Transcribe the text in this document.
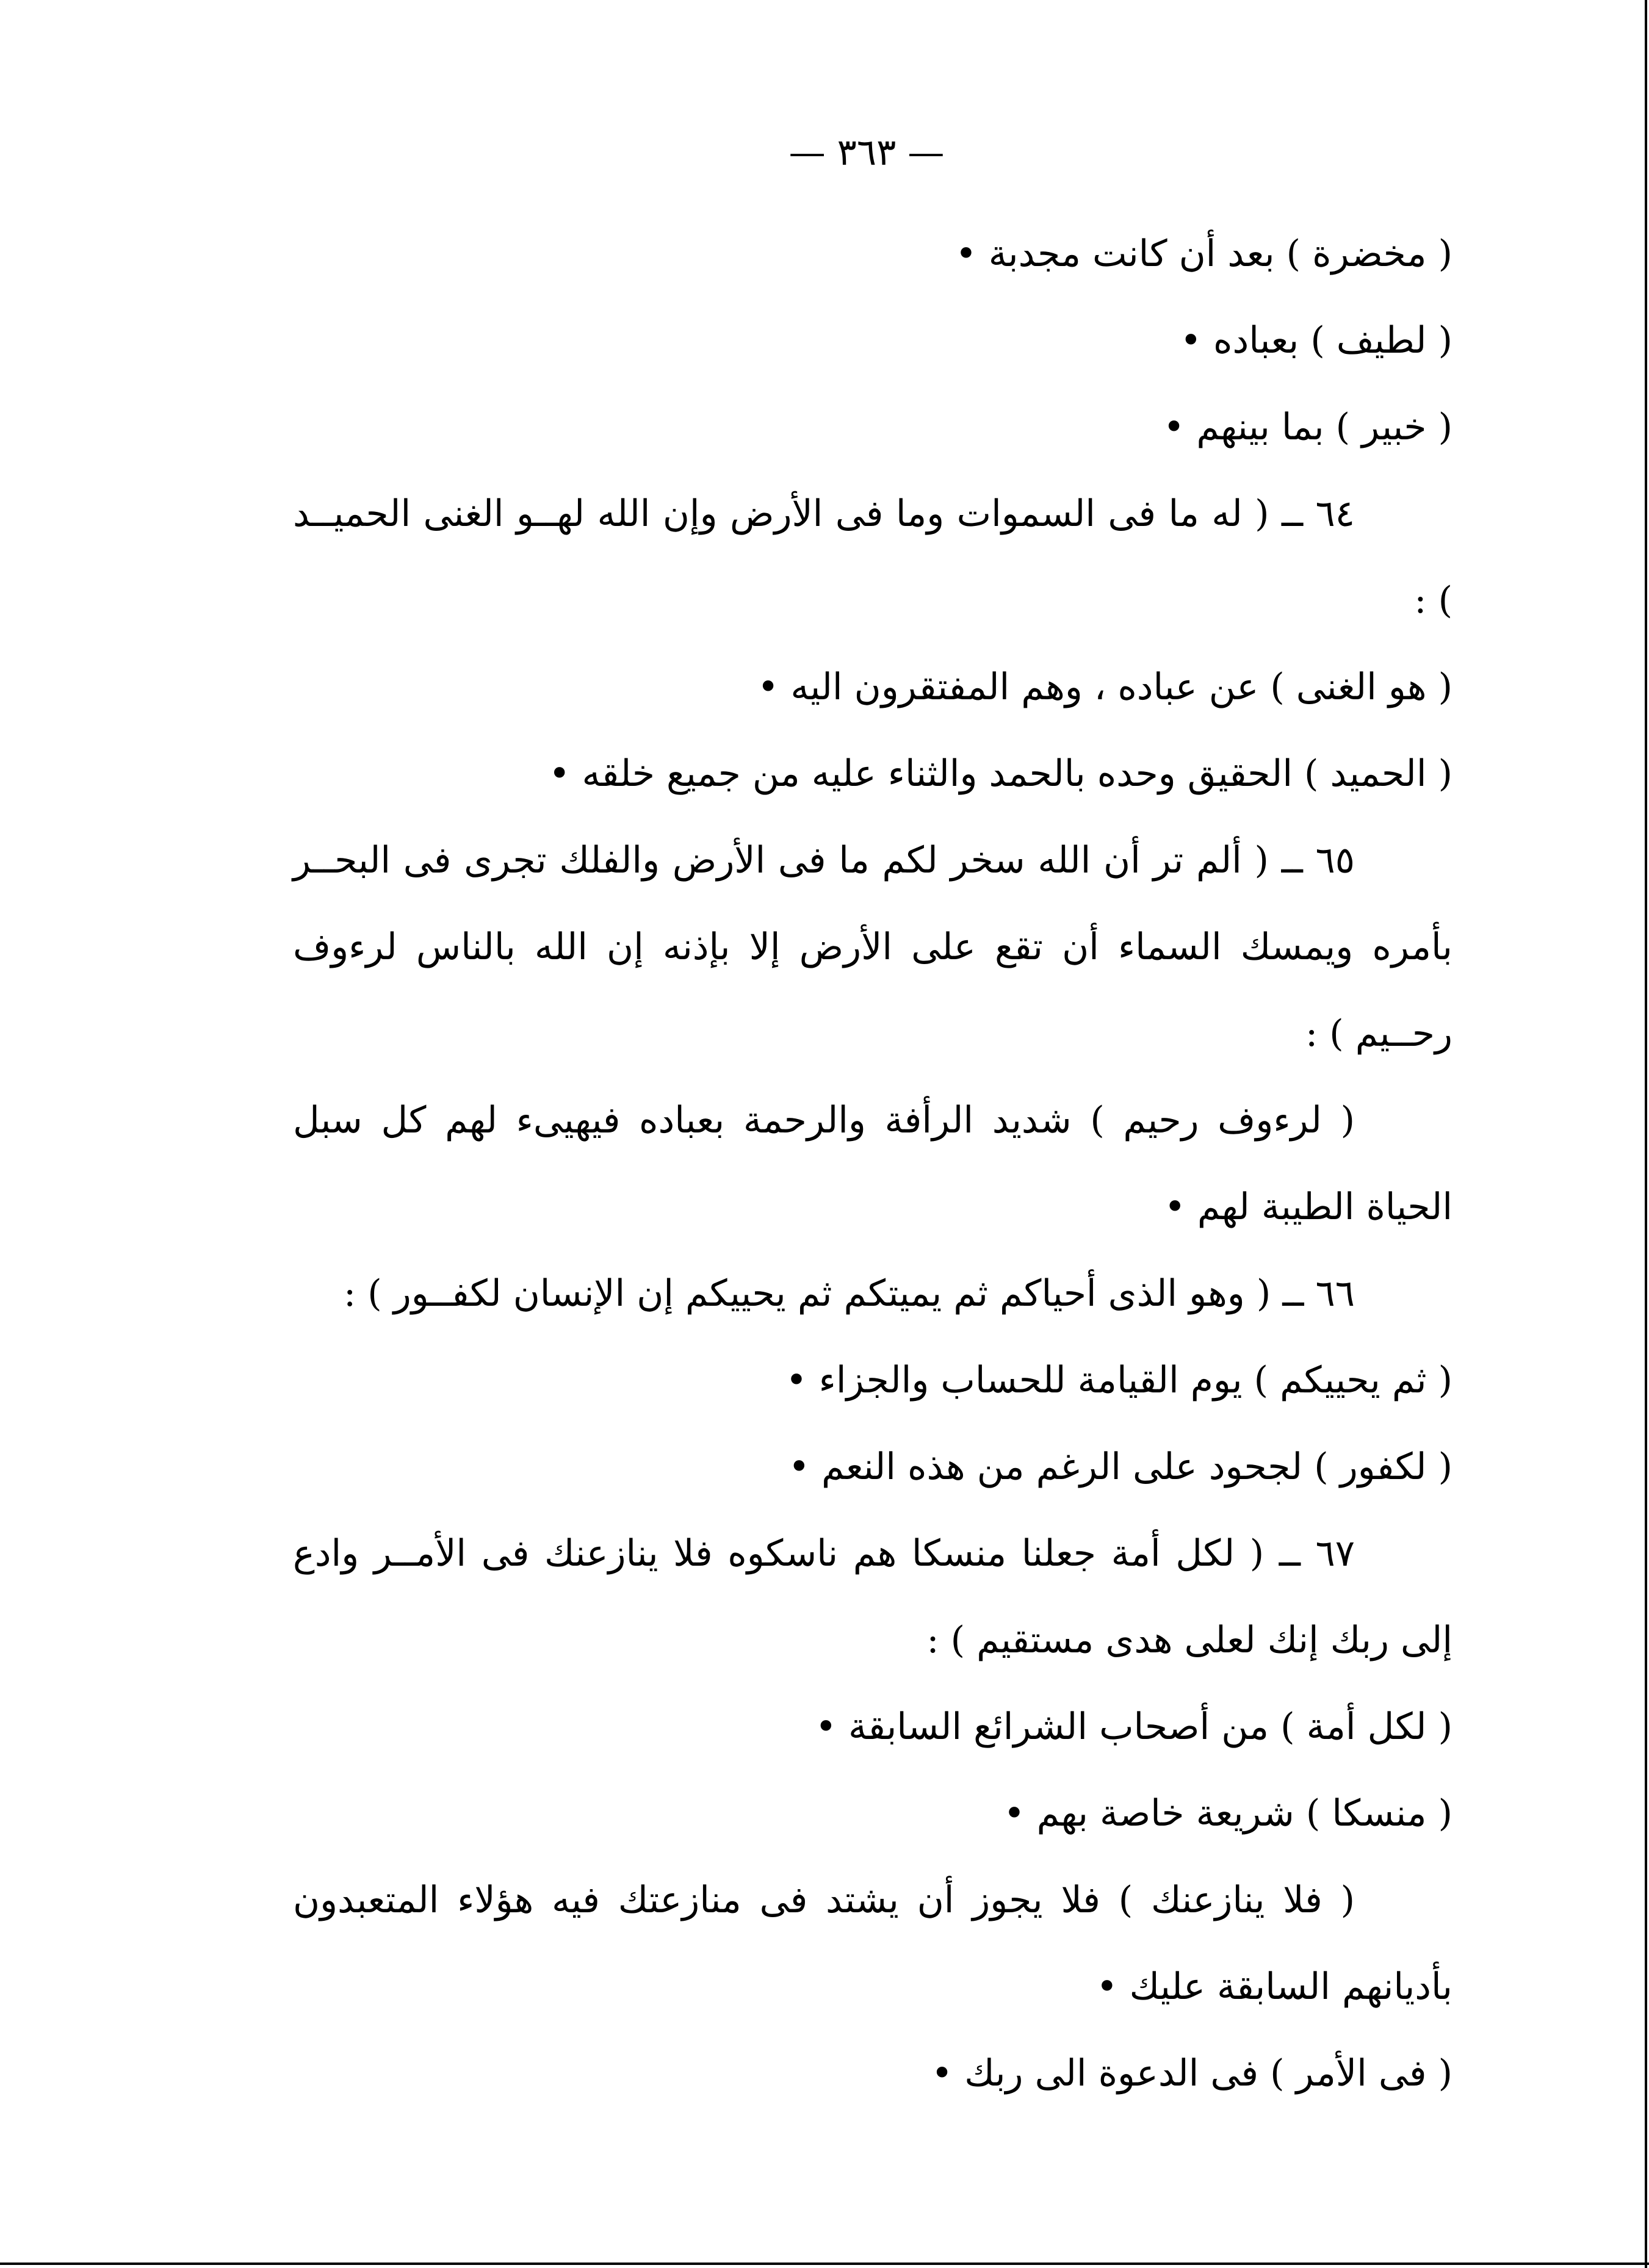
— ٣٦٣ —

( مخضرة ) بعد أن كانت مجدبة •

( لطيف ) بعباده •

( خبير ) بما بينهم •

٦٤ ــ ( له ما فى السموات وما فى الأرض وإن الله لهــو الغنى الحميــد ) :

( هو الغنى ) عن عباده ، وهم المفتقرون اليه •

( الحميد ) الحقيق وحده بالحمد والثناء عليه من جميع خلقه •

٦٥ ــ ( ألم تر أن الله سخر لكم ما فى الأرض والفلك تجرى فى البحــر بأمره ويمسك السماء أن تقع على الأرض إلا بإذنه إن الله بالناس لرءوف رحــيم ) :

( لرءوف رحيم ) شديد الرأفة والرحمة بعباده فيهيىء لهم كل سبل الحياة الطيبة لهم •

٦٦ ــ ( وهو الذى أحياكم ثم يميتكم ثم يحييكم إن الإنسان لكفــور ) :

( ثم يحييكم ) يوم القيامة للحساب والجزاء •

( لكفور ) لجحود على الرغم من هذه النعم •

٦٧ ــ ( لكل أمة جعلنا منسكا هم ناسكوه فلا ينازعنك فى الأمــر وادع إلى ربك إنك لعلى هدى مستقيم ) :

( لكل أمة ) من أصحاب الشرائع السابقة •

( منسكا ) شريعة خاصة بهم •

( فلا ينازعنك ) فلا يجوز أن يشتد فى منازعتك فيه هؤلاء المتعبدون بأديانهم السابقة عليك •

( فى الأمر ) فى الدعوة الى ربك •
